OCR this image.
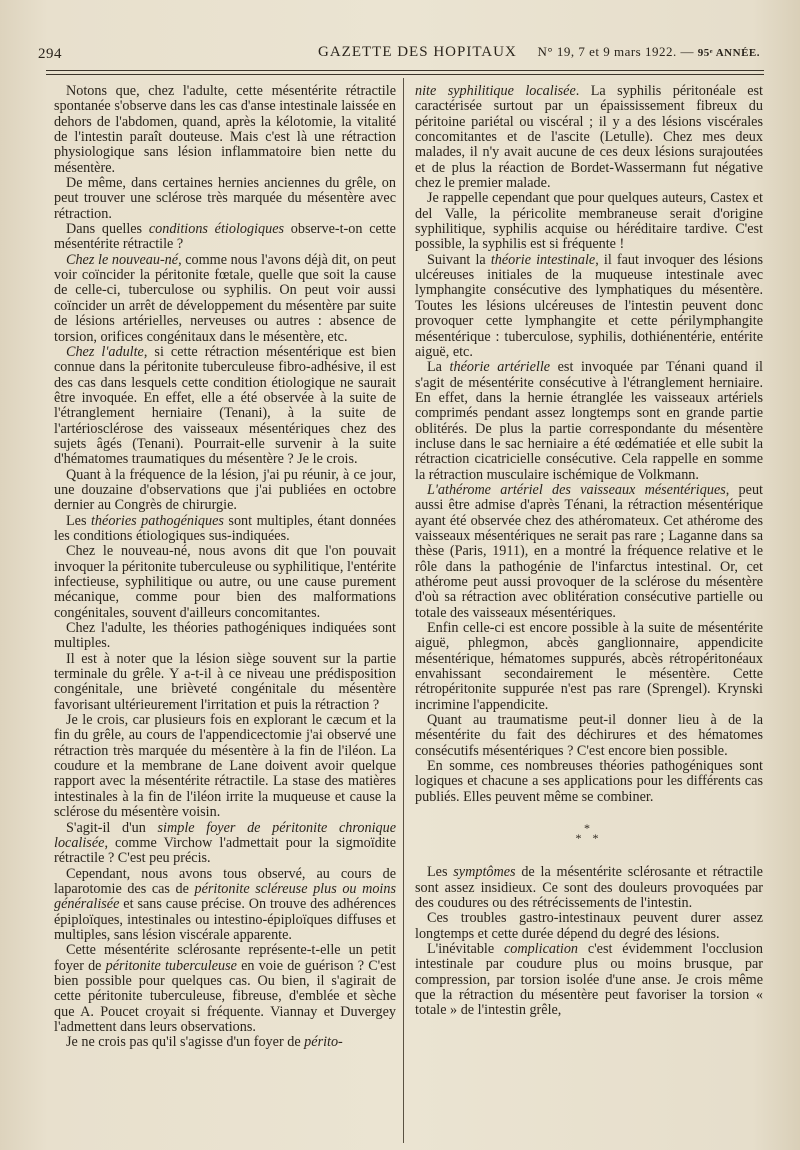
294	GAZETTE DES HOPITAUX N° 19, 7 et 9 mars 1922. — 95ᵉ ANNÉE.

Notons que, chez l'adulte, cette mésentérite rétractile spontanée s'observe dans les cas d'anse intestinale laissée en dehors de l'abdomen, quand, après la kélotomie, la vitalité de l'intestin paraît douteuse. Mais c'est là une rétraction physiologique sans lésion inflammatoire bien nette du mésentère.

De même, dans certaines hernies anciennes du grêle, on peut trouver une sclérose très marquée du mésentère avec rétraction.

Dans quelles conditions étiologiques observe-t-on cette mésentérite rétractile ?

Chez le nouveau-né, comme nous l'avons déjà dit, on peut voir coïncider la péritonite fœtale, quelle que soit la cause de celle-ci, tuberculose ou syphilis. On peut voir aussi coïncider un arrêt de développement du mésentère par suite de lésions artérielles, nerveuses ou autres : absence de torsion, orifices congénitaux dans le mésentère, etc.

Chez l'adulte, si cette rétraction mésentérique est bien connue dans la péritonite tuberculeuse fibro-adhésive, il est des cas dans lesquels cette condition étiologique ne saurait être invoquée. En effet, elle a été observée à la suite de l'étranglement herniaire (Tenani), à la suite de l'artériosclérose des vaisseaux mésentériques chez des sujets âgés (Tenani). Pourrait-elle survenir à la suite d'hématomes traumatiques du mésentère ? Je le crois.

Quant à la fréquence de la lésion, j'ai pu réunir, à ce jour, une douzaine d'observations que j'ai publiées en octobre dernier au Congrès de chirurgie.

Les théories pathogéniques sont multiples, étant données les conditions étiologiques sus-indiquées.

Chez le nouveau-né, nous avons dit que l'on pouvait invoquer la péritonite tuberculeuse ou syphilitique, l'entérite infectieuse, syphilitique ou autre, ou une cause purement mécanique, comme pour bien des malformations congénitales, souvent d'ailleurs concomitantes.

Chez l'adulte, les théories pathogéniques indiquées sont multiples.

Il est à noter que la lésion siège souvent sur la partie terminale du grêle. Y a-t-il à ce niveau une prédisposition congénitale, une brièveté congénitale du mésentère favorisant ultérieurement l'irritation et puis la rétraction ?

Je le crois, car plusieurs fois en explorant le cæcum et la fin du grêle, au cours de l'appendicectomie j'ai observé une rétraction très marquée du mésentère à la fin de l'iléon. La coudure et la membrane de Lane doivent avoir quelque rapport avec la mésentérite rétractile. La stase des matières intestinales à la fin de l'iléon irrite la muqueuse et cause la sclérose du mésentère voisin.

S'agit-il d'un simple foyer de péritonite chronique localisée, comme Virchow l'admettait pour la sigmoïdite rétractile ? C'est peu précis.

Cependant, nous avons tous observé, au cours de laparotomie des cas de péritonite scléreuse plus ou moins généralisée et sans cause précise. On trouve des adhérences épiploïques, intestinales ou intestino-épiploïques diffuses et multiples, sans lésion viscérale apparente.

Cette mésentérite sclérosante représente-t-elle un petit foyer de péritonite tuberculeuse en voie de guérison ? C'est bien possible pour quelques cas. Ou bien, il s'agirait de cette péritonite tuberculeuse, fibreuse, d'emblée et sèche que A. Poucet croyait si fréquente. Viannay et Duvergey l'admettent dans leurs observations.

Je ne crois pas qu'il s'agisse d'un foyer de périto-

nite syphilitique localisée. La syphilis péritonéale est caractérisée surtout par un épaississement fibreux du péritoine pariétal ou viscéral ; il y a des lésions viscérales concomitantes et de l'ascite (Letulle). Chez mes deux malades, il n'y avait aucune de ces deux lésions surajoutées et de plus la réaction de Bordet-Wassermann fut négative chez le premier malade.

Je rappelle cependant que pour quelques auteurs, Castex et del Valle, la péricolite membraneuse serait d'origine syphilitique, syphilis acquise ou héréditaire tardive. C'est possible, la syphilis est si fréquente !

Suivant la théorie intestinale, il faut invoquer des lésions ulcéreuses initiales de la muqueuse intestinale avec lymphangite consécutive des lymphatiques du mésentère. Toutes les lésions ulcéreuses de l'intestin peuvent donc provoquer cette lymphangite et cette périlymphangite mésentérique : tuberculose, syphilis, dothiénentérie, entérite aiguë, etc.

La théorie artérielle est invoquée par Ténani quand il s'agit de mésentérite consécutive à l'étranglement herniaire. En effet, dans la hernie étranglée les vaisseaux artériels comprimés pendant assez longtemps sont en grande partie oblitérés. De plus la partie correspondante du mésentère incluse dans le sac herniaire a été œdématiée et elle subit la rétraction cicatricielle consécutive. Cela rappelle en somme la rétraction musculaire ischémique de Volkmann.

L'athérome artériel des vaisseaux mésentériques, peut aussi être admise d'après Ténani, la rétraction mésentérique ayant été observée chez des athéromateux. Cet athérome des vaisseaux mésentériques ne serait pas rare ; Laganne dans sa thèse (Paris, 1911), en a montré la fréquence relative et le rôle dans la pathogénie de l'infarctus intestinal. Or, cet athérome peut aussi provoquer de la sclérose du mésentère d'où sa rétraction avec oblitération consécutive partielle ou totale des vaisseaux mésentériques.

Enfin celle-ci est encore possible à la suite de mésentérite aiguë, phlegmon, abcès ganglionnaire, appendicite mésentérique, hématomes suppurés, abcès rétropéritonéaux envahissant secondairement le mésentère. Cette rétropéritonite suppurée n'est pas rare (Sprengel). Krynski incrimine l'appendicite.

Quant au traumatisme peut-il donner lieu à de la mésentérite du fait des déchirures et des hématomes consécutifs mésentériques ? C'est encore bien possible.

En somme, ces nombreuses théories pathogéniques sont logiques et chacune a ses applications pour les différents cas publiés. Elles peuvent même se combiner.

*
* *

Les symptômes de la mésentérite sclérosante et rétractile sont assez insidieux. Ce sont des douleurs provoquées par des coudures ou des rétrécissements de l'intestin.

Ces troubles gastro-intestinaux peuvent durer assez longtemps et cette durée dépend du degré des lésions.

L'inévitable complication c'est évidemment l'occlusion intestinale par coudure plus ou moins brusque, par compression, par torsion isolée d'une anse. Je crois même que la rétraction du mésentère peut favoriser la torsion « totale » de l'intestin grêle,
